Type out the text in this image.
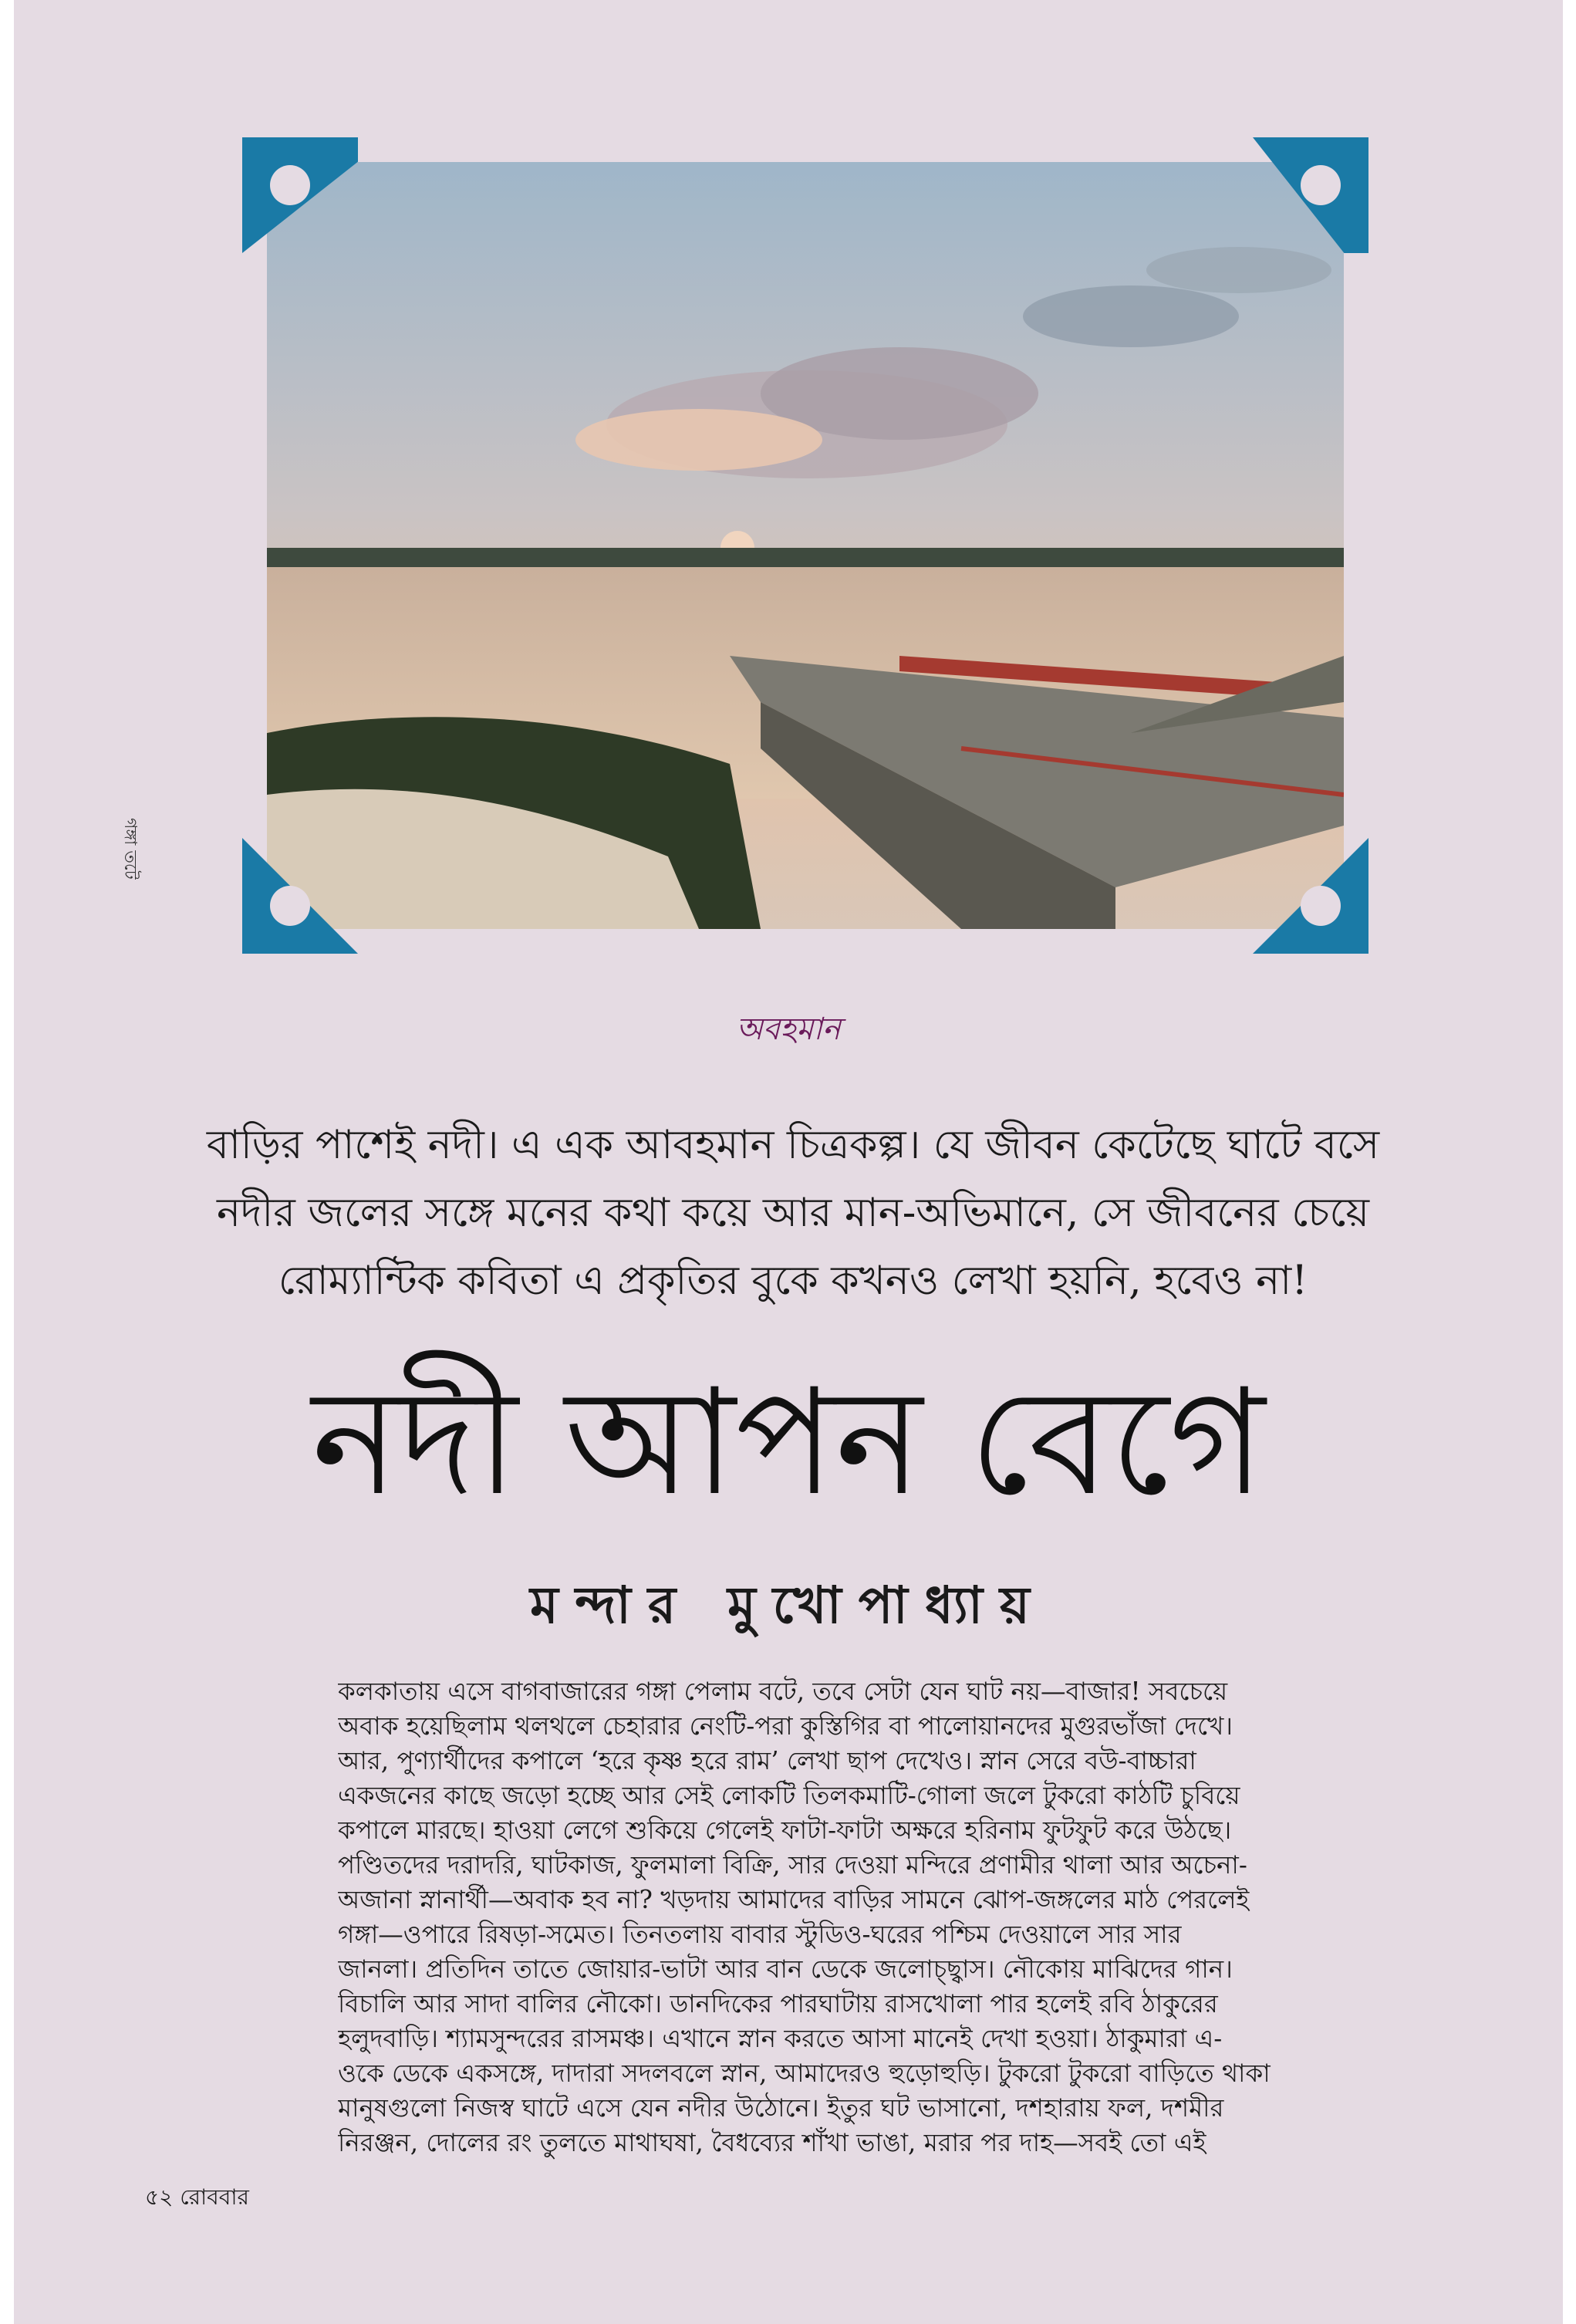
গঙ্গা তটে
অবহমান
বাড়ির পাশেই নদী। এ এক আবহমান চিত্রকল্প। যে জীবন কেটেছে ঘাটে বসে
নদীর জলের সঙ্গে মনের কথা কয়ে আর মান-অভিমানে, সে জীবনের চেয়ে
রোম্যান্টিক কবিতা এ প্রকৃতির বুকে কখনও লেখা হয়নি, হবেও না!
নদী আপন বেগে
মন্দার মুখোপাধ্যায়
কলকাতায় এসে বাগবাজারের গঙ্গা পেলাম বটে, তবে সেটা যেন ঘাট নয়—বাজার! সবচেয়ে
অবাক হয়েছিলাম থলথলে চেহারার নেংটি-পরা কুস্তিগির বা পালোয়ানদের মুগুরভাঁজা দেখে।
আর, পুণ্যার্থীদের কপালে ‘হরে কৃষ্ণ হরে রাম’ লেখা ছাপ দেখেও। স্নান সেরে বউ-বাচ্চারা
একজনের কাছে জড়ো হচ্ছে আর সেই লোকটি তিলকমাটি-গোলা জলে টুকরো কাঠটি চুবিয়ে
কপালে মারছে। হাওয়া লেগে শুকিয়ে গেলেই ফাটা-ফাটা অক্ষরে হরিনাম ফুটফুট করে উঠছে।
পণ্ডিতদের দরাদরি, ঘাটকাজ, ফুলমালা বিক্রি, সার দেওয়া মন্দিরে প্রণামীর থালা আর অচেনা-
অজানা স্নানার্থী—অবাক হব না? খড়দায় আমাদের বাড়ির সামনে ঝোপ-জঙ্গলের মাঠ পেরলেই
গঙ্গা—ওপারে রিষড়া-সমেত। তিনতলায় বাবার স্টুডিও-ঘরের পশ্চিম দেওয়ালে সার সার
জানলা। প্রতিদিন তাতে জোয়ার-ভাটা আর বান ডেকে জলোচ্ছ্বাস। নৌকোয় মাঝিদের গান।
বিচালি আর সাদা বালির নৌকো। ডানদিকের পারঘাটায় রাসখোলা পার হলেই রবি ঠাকুরের
হলুদবাড়ি। শ্যামসুন্দরের রাসমঞ্চ। এখানে স্নান করতে আসা মানেই দেখা হওয়া। ঠাকুমারা এ-
ওকে ডেকে একসঙ্গে, দাদারা সদলবলে স্নান, আমাদেরও হুড়োহুড়ি। টুকরো টুকরো বাড়িতে থাকা
মানুষগুলো নিজস্ব ঘাটে এসে যেন নদীর উঠোনে। ইতুর ঘট ভাসানো, দশহারায় ফল, দশমীর
নিরঞ্জন, দোলের রং তুলতে মাথাঘষা, বৈধব্যের শাঁখা ভাঙা, মরার পর দাহ—সবই তো এই
৫২ রোববার
